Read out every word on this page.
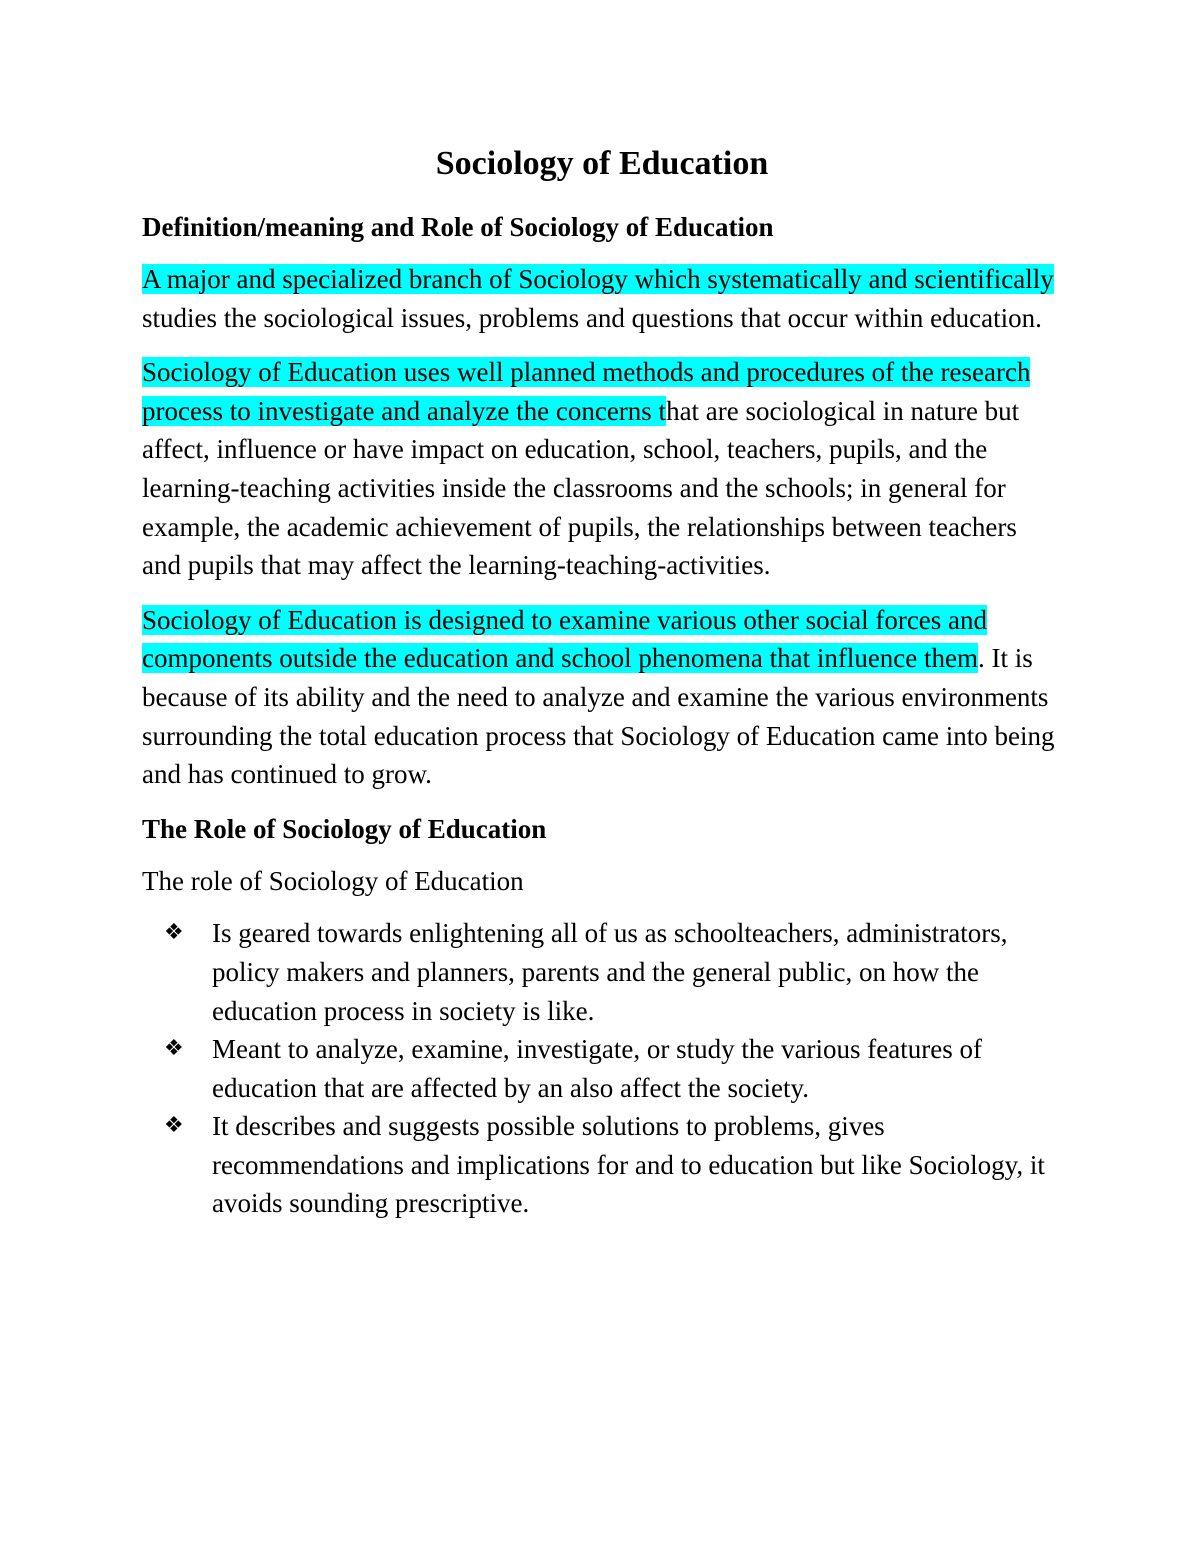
Sociology of Education
Definition/meaning and Role of Sociology of Education

A major and specialized branch of Sociology which systematically and scientifically studies the sociological issues, problems and questions that occur within education.

Sociology of Education uses well planned methods and procedures of the research process to investigate and analyze the concerns that are sociological in nature but affect, influence or have impact on education, school, teachers, pupils, and the learning-teaching activities inside the classrooms and the schools; in general for example, the academic achievement of pupils, the relationships between teachers and pupils that may affect the learning-teaching-activities.

Sociology of Education is designed to examine various other social forces and components outside the education and school phenomena that influence them. It is because of its ability and the need to analyze and examine the various environments surrounding the total education process that Sociology of Education came into being and has continued to grow.

The Role of Sociology of Education

The role of Sociology of Education

❖ Is geared towards enlightening all of us as schoolteachers, administrators, policy makers and planners, parents and the general public, on how the education process in society is like.
❖ Meant to analyze, examine, investigate, or study the various features of education that are affected by an also affect the society.
❖ It describes and suggests possible solutions to problems, gives recommendations and implications for and to education but like Sociology, it avoids sounding prescriptive.
